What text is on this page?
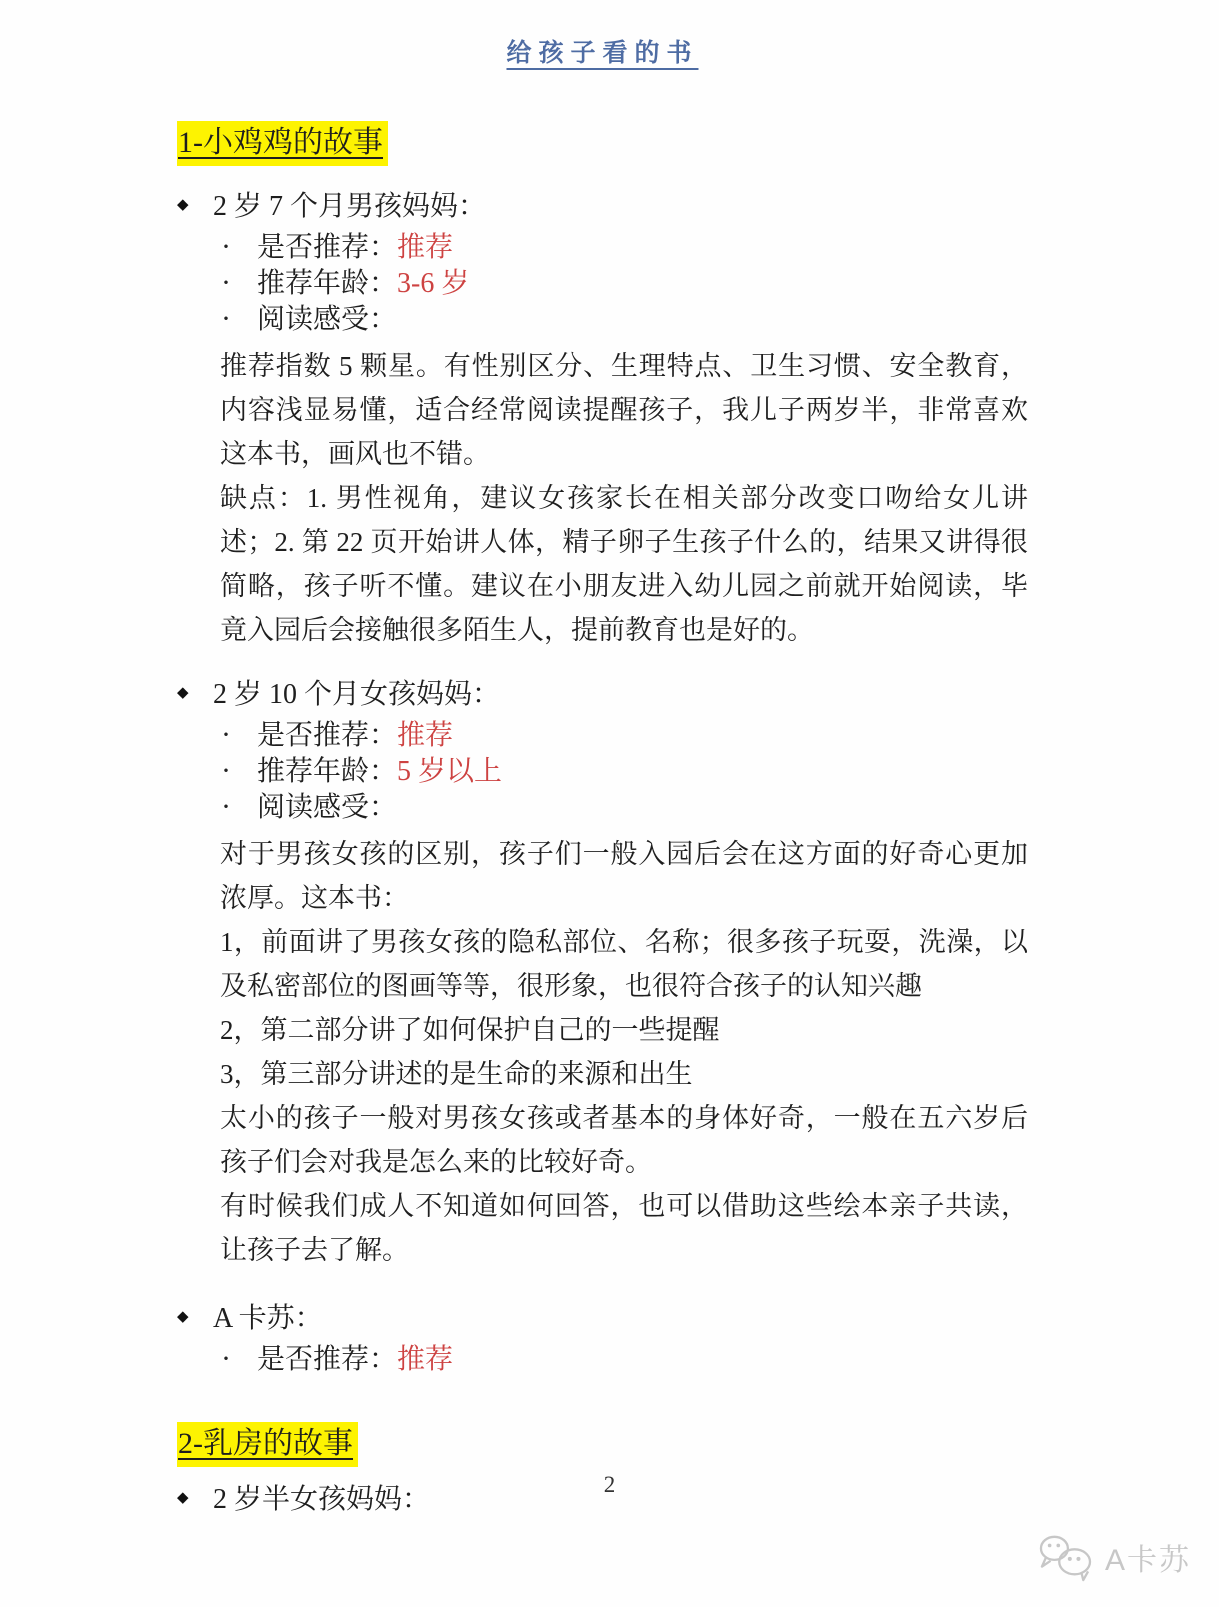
给孩子看的书
1-小鸡鸡的故事
◆ 2 岁 7 个月男孩妈妈：
· 是否推荐：推荐
· 推荐年龄：3-6 岁
· 阅读感受：

推荐指数 5 颗星。有性别区分、生理特点、卫生习惯、安全教育，内容浅显易懂，适合经常阅读提醒孩子，我儿子两岁半，非常喜欢这本书，画风也不错。

缺点：1. 男性视角，建议女孩家长在相关部分改变口吻给女儿讲述；2. 第 22 页开始讲人体，精子卵子生孩子什么的，结果又讲得很简略，孩子听不懂。建议在小朋友进入幼儿园之前就开始阅读，毕竟入园后会接触很多陌生人，提前教育也是好的。

◆ 2 岁 10 个月女孩妈妈：
· 是否推荐：推荐
· 推荐年龄：5 岁以上
· 阅读感受：

对于男孩女孩的区别，孩子们一般入园后会在这方面的好奇心更加浓厚。这本书：

1，前面讲了男孩女孩的隐私部位、名称；很多孩子玩耍，洗澡，以及私密部位的图画等等，很形象，也很符合孩子的认知兴趣

2，第二部分讲了如何保护自己的一些提醒

3，第三部分讲述的是生命的来源和出生

太小的孩子一般对男孩女孩或者基本的身体好奇，一般在五六岁后孩子们会对我是怎么来的比较好奇。

有时候我们成人不知道如何回答，也可以借助这些绘本亲子共读，让孩子去了解。

◆ A 卡苏：
· 是否推荐：推荐
2-乳房的故事
◆ 2 岁半女孩妈妈：	2
A卡苏
